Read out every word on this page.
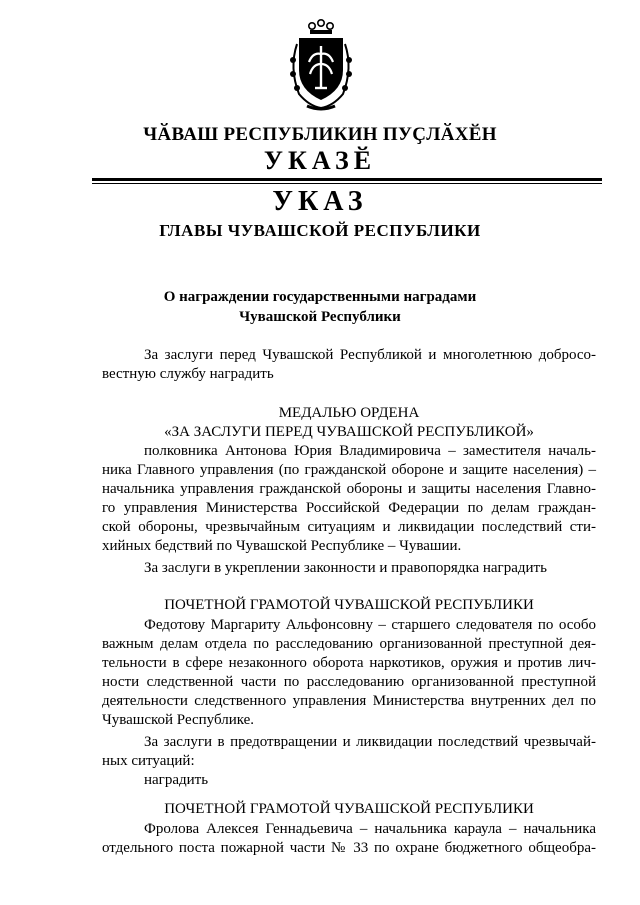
ЧӐВАШ РЕСПУБЛИКИН ПУҪЛӐХӖН
УКАЗӖ
УКАЗ
ГЛАВЫ ЧУВАШСКОЙ РЕСПУБЛИКИ
О награждении государственными наградами
Чувашской Республики
За заслуги перед Чувашской Республикой и многолетнюю добросо-
вестную службу наградить
МЕДАЛЬЮ ОРДЕНА
«ЗА ЗАСЛУГИ ПЕРЕД ЧУВАШСКОЙ РЕСПУБЛИКОЙ»
полковника Антонова Юрия Владимировича – заместителя началь-
ника Главного управления (по гражданской обороне и защите населения) –
начальника управления гражданской обороны и защиты населения Главно-
го управления Министерства Российской Федерации по делам граждан-
ской обороны, чрезвычайным ситуациям и ликвидации последствий сти-
хийных бедствий по Чувашской Республике – Чувашии.
За заслуги в укреплении законности и правопорядка наградить
ПОЧЕТНОЙ ГРАМОТОЙ ЧУВАШСКОЙ РЕСПУБЛИКИ
Федотову Маргариту Альфонсовну – старшего следователя по особо
важным делам отдела по расследованию организованной преступной дея-
тельности в сфере незаконного оборота наркотиков, оружия и против лич-
ности следственной части по расследованию организованной преступной
деятельности следственного управления Министерства внутренних дел по
Чувашской Республике.
За заслуги в предотвращении и ликвидации последствий чрезвычай-
ных ситуаций:
наградить
ПОЧЕТНОЙ ГРАМОТОЙ ЧУВАШСКОЙ РЕСПУБЛИКИ
Фролова Алексея Геннадьевича – начальника караула – начальника
отдельного поста пожарной части № 33 по охране бюджетного общеобра-
